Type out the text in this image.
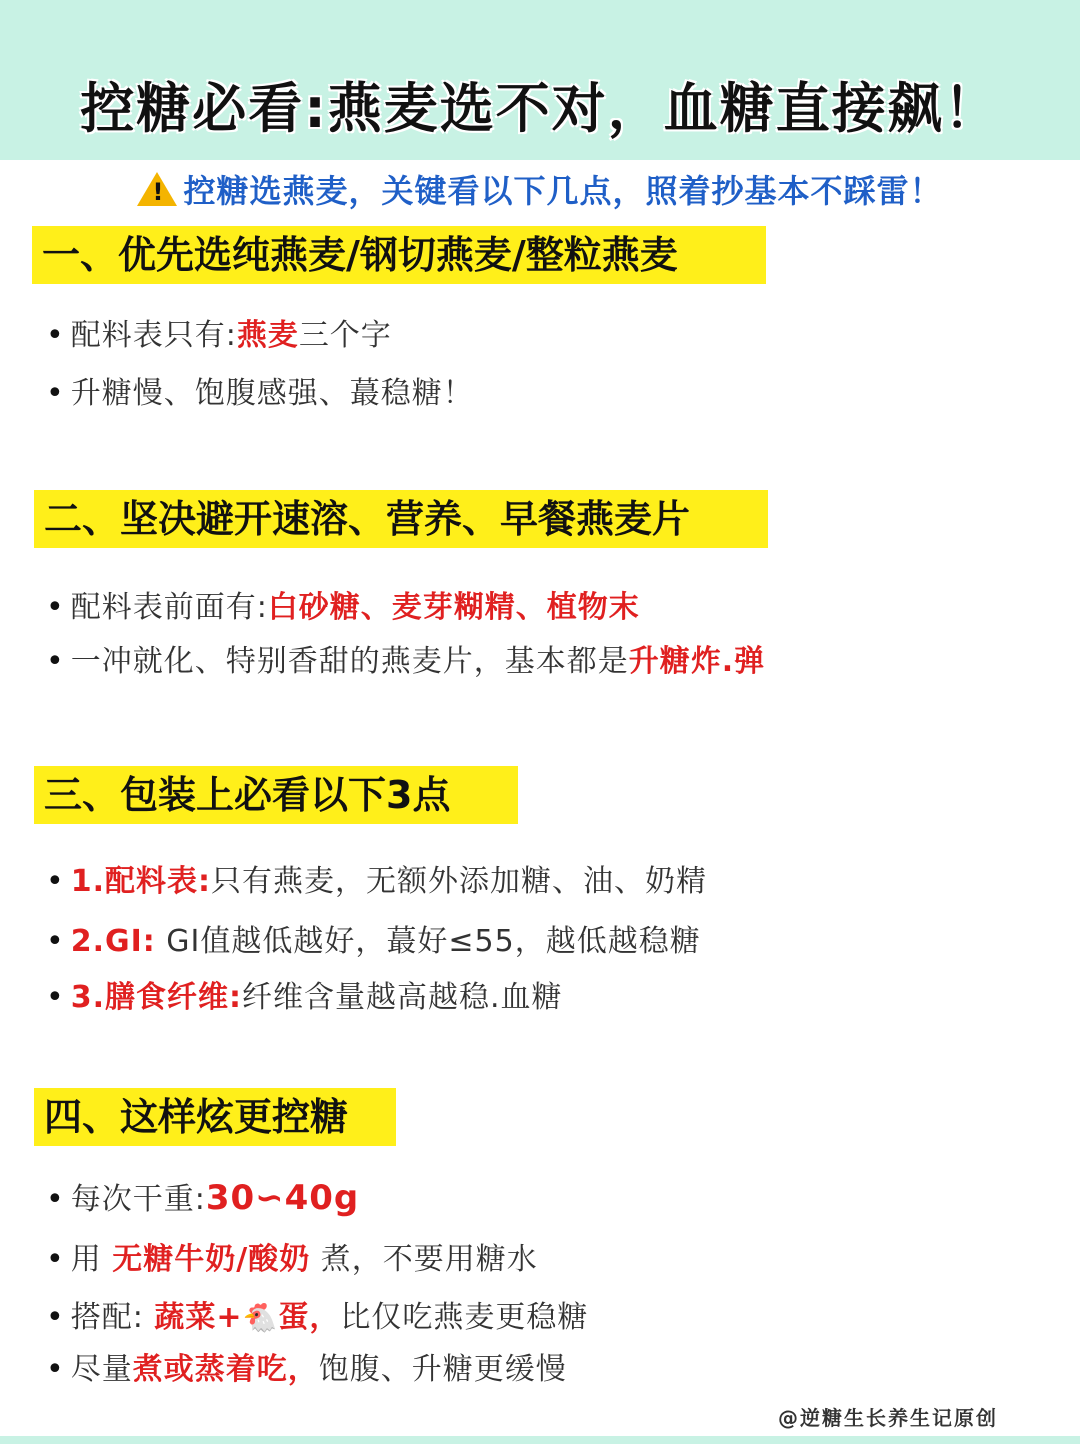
控糖必看:燕麦选不对，血糖直接飙！
!控糖选燕麦，关键看以下几点，照着抄基本不踩雷！
一、优先选纯燕麦/钢切燕麦/整粒燕麦
• 配料表只有:燕麦三个字
• 升糖慢、饱腹感强、蕞稳糖！
二、坚决避开速溶、营养、早餐燕麦片
• 配料表前面有:白砂糖、麦芽糊精、植物末
• 一冲就化、特别香甜的燕麦片，基本都是升糖炸.弹
三、包装上必看以下3点
• 1.配料表:只有燕麦，无额外添加糖、油、奶精
• 2.GI: GI值越低越好，蕞好≤55，越低越稳糖
• 3.膳食纤维:纤维含量越高越稳.血糖
四、这样炫更控糖
• 每次干重:30∽40g
• 用 无糖牛奶/酸奶 煮，不要用糖水
• 搭配: 蔬菜+🐔蛋，比仅吃燕麦更稳糖
• 尽量煮或蒸着吃，饱腹、升糖更缓慢
@逆糖生长养生记原创
